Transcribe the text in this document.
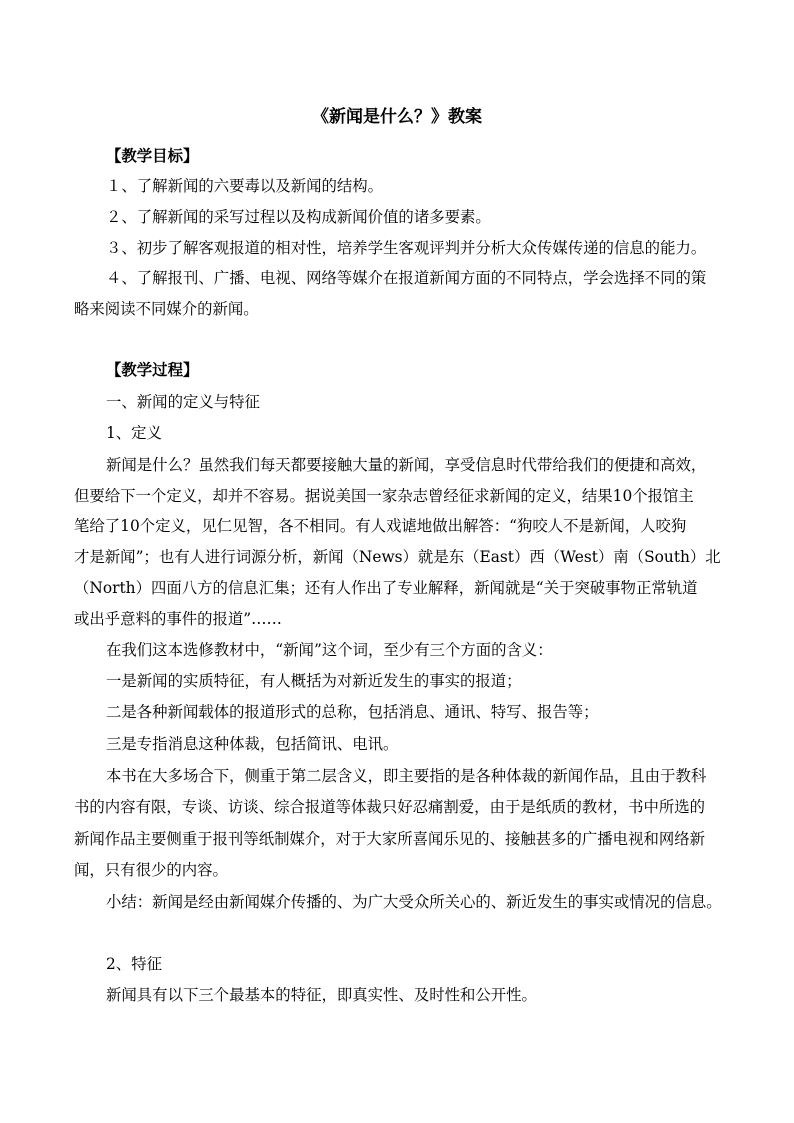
《新闻是什么？》教案
【教学目标】
１、了解新闻的六要毒以及新闻的结构。
２、了解新闻的采写过程以及构成新闻价值的诸多要素。
３、初步了解客观报道的相对性，培养学生客观评判并分析大众传媒传递的信息的能力。
４、了解报刊、广播、电视、网络等媒介在报道新闻方面的不同特点，学会选择不同的策
略来阅读不同媒介的新闻。
【教学过程】
一、新闻的定义与特征
1、定义
新闻是什么？虽然我们每天都要接触大量的新闻，享受信息时代带给我们的便捷和高效，
但要给下一个定义，却并不容易。据说美国一家杂志曾经征求新闻的定义，结果10个报馆主
笔给了10个定义，见仁见智，各不相同。有人戏谑地做出解答：“狗咬人不是新闻，人咬狗
才是新闻”；也有人进行词源分析，新闻（News）就是东（East）西（West）南（South）北
（North）四面八方的信息汇集；还有人作出了专业解释，新闻就是“关于突破事物正常轨道
或出乎意料的事件的报道”……
在我们这本选修教材中，“新闻”这个词，至少有三个方面的含义：
一是新闻的实质特征，有人概括为对新近发生的事实的报道；
二是各种新闻载体的报道形式的总称，包括消息、通讯、特写、报告等；
三是专指消息这种体裁，包括简讯、电讯。
本书在大多场合下，侧重于第二层含义，即主要指的是各种体裁的新闻作品，且由于教科
书的内容有限，专谈、访谈、综合报道等体裁只好忍痛割爱，由于是纸质的教材，书中所选的
新闻作品主要侧重于报刊等纸制媒介，对于大家所喜闻乐见的、接触甚多的广播电视和网络新
闻，只有很少的内容。
小结：新闻是经由新闻媒介传播的、为广大受众所关心的、新近发生的事实或情况的信息。
2、特征
新闻具有以下三个最基本的特征，即真实性、及时性和公开性。
